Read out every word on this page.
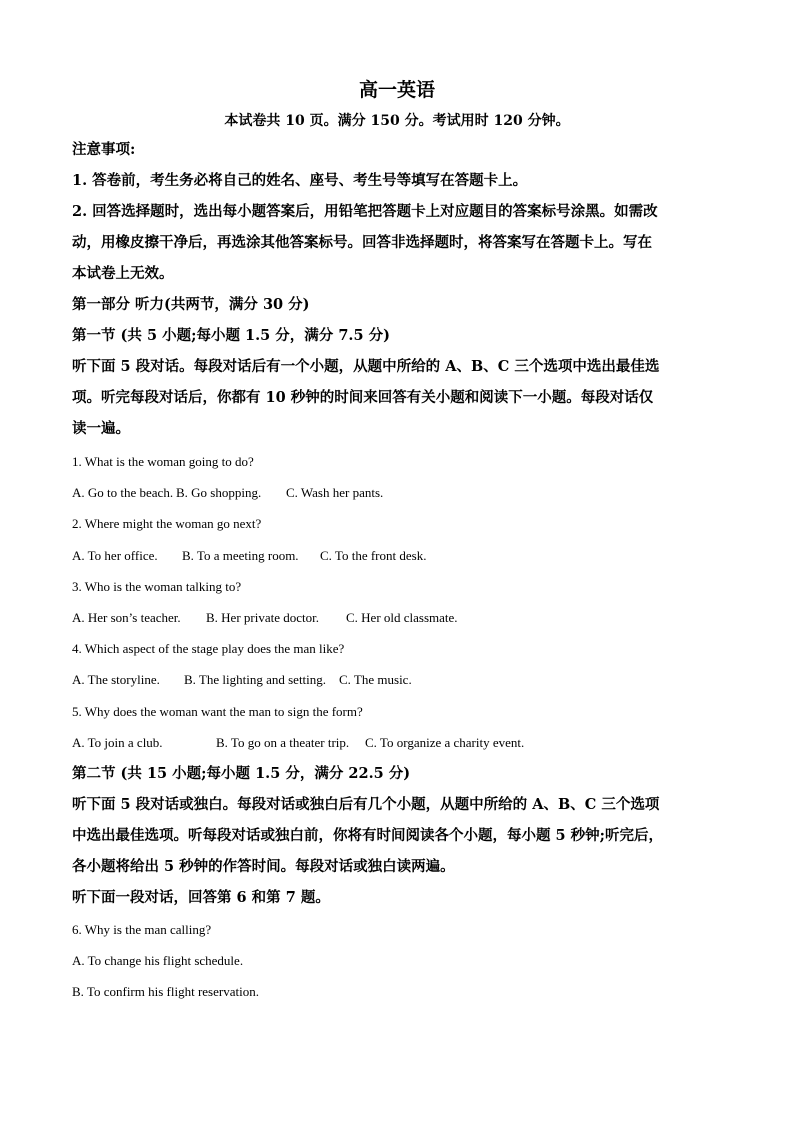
高一英语
本试卷共 10 页。满分 150 分。考试用时 120 分钟。
注意事项:
1. 答卷前，考生务必将自己的姓名、座号、考生号等填写在答题卡上。
2. 回答选择题时，选出每小题答案后，用铅笔把答题卡上对应题目的答案标号涂黑。如需改
动，用橡皮擦干净后，再选涂其他答案标号。回答非选择题时，将答案写在答题卡上。写在
本试卷上无效。
第一部分 听力(共两节，满分 30 分)
第一节 (共 5 小题;每小题 1.5 分，满分 7.5 分)
听下面 5 段对话。每段对话后有一个小题，从题中所给的 A、B、C 三个选项中选出最佳选
项。听完每段对话后，你都有 10 秒钟的时间来回答有关小题和阅读下一小题。每段对话仅
读一遍。
1. What is the woman going to do?
A. Go to the beach. B. Go shopping. C. Wash her pants.
2. Where might the woman go next?
A. To her office. B. To a meeting room. C. To the front desk.
3. Who is the woman talking to?
A. Her son’s teacher. B. Her private doctor. C. Her old classmate.
4. Which aspect of the stage play does the man like?
A. The storyline. B. The lighting and setting. C. The music.
5. Why does the woman want the man to sign the form?
A. To join a club.	B. To go on a theater trip. C. To organize a charity event.
第二节 (共 15 小题;每小题 1.5 分，满分 22.5 分)
听下面 5 段对话或独白。每段对话或独白后有几个小题，从题中所给的 A、B、C 三个选项
中选出最佳选项。听每段对话或独白前，你将有时间阅读各个小题，每小题 5 秒钟;听完后，
各小题将给出 5 秒钟的作答时间。每段对话或独白读两遍。
听下面一段对话，回答第 6 和第 7 题。
6. Why is the man calling?
A. To change his flight schedule.
B. To confirm his flight reservation.
